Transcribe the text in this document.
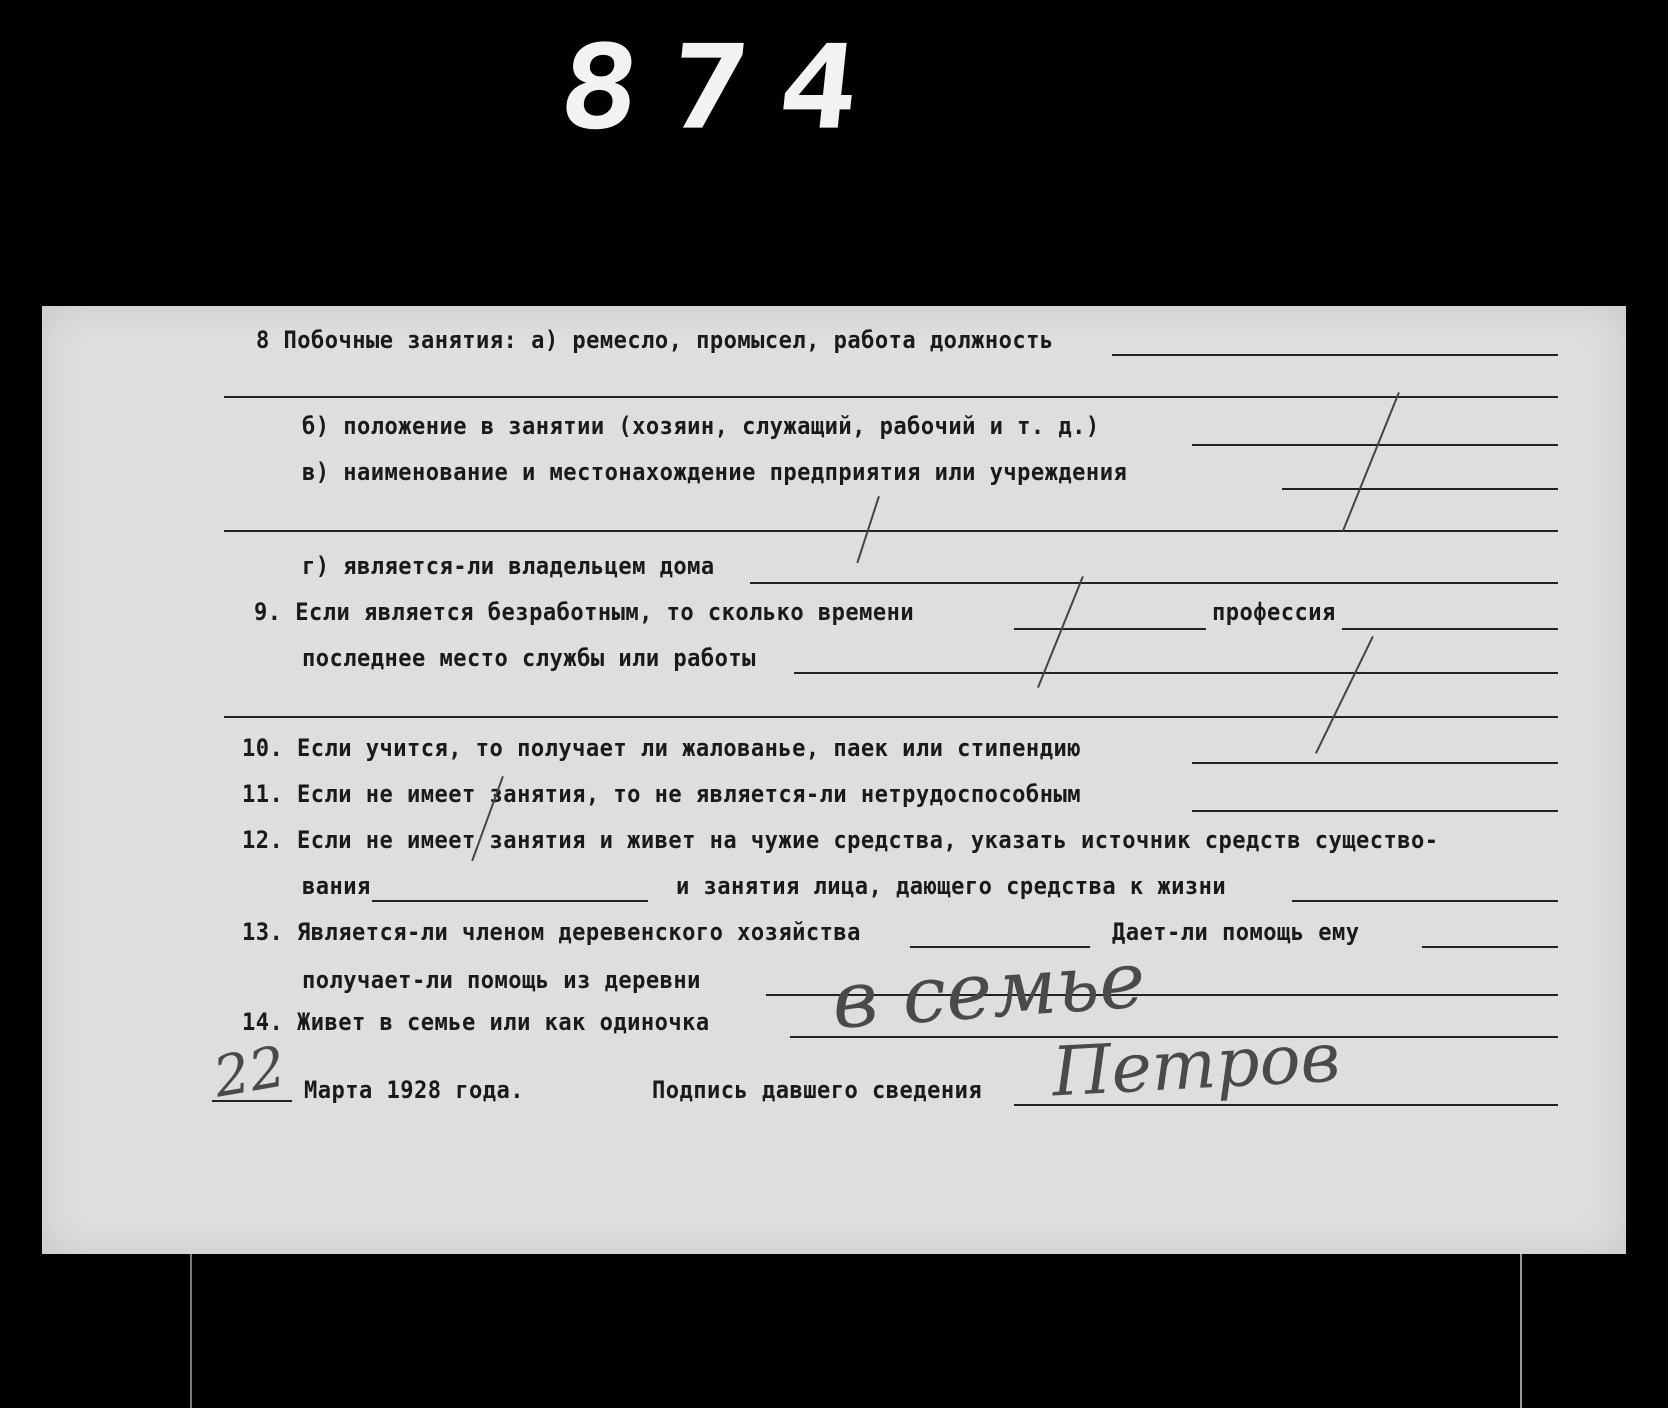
874
8 Побочные занятия: а) ремесло, промысел, работа должность
б) положение в занятии (хозяин, служащий, рабочий и т. д.)
в) наименование и местонахождение предприятия или учреждения
г) является-ли владельцем дома
9. Если является безработным, то сколько времени	профессия
последнее место службы или работы
10. Если учится, то получает ли жалованье, паек или стипендию
11. Если не имеет занятия, то не является-ли нетрудоспособным
12. Если не имеет занятия и живет на чужие средства, указать источник средств существо-
вания	и занятия лица, дающего средства к жизни
13. Является-ли членом деревенского хозяйства	Дает-ли помощь ему
получает-ли помощь из деревни
14. Живет в семье или как одиночка в семье
22 Марта 1928 года.	Подпись давшего сведения Петров
